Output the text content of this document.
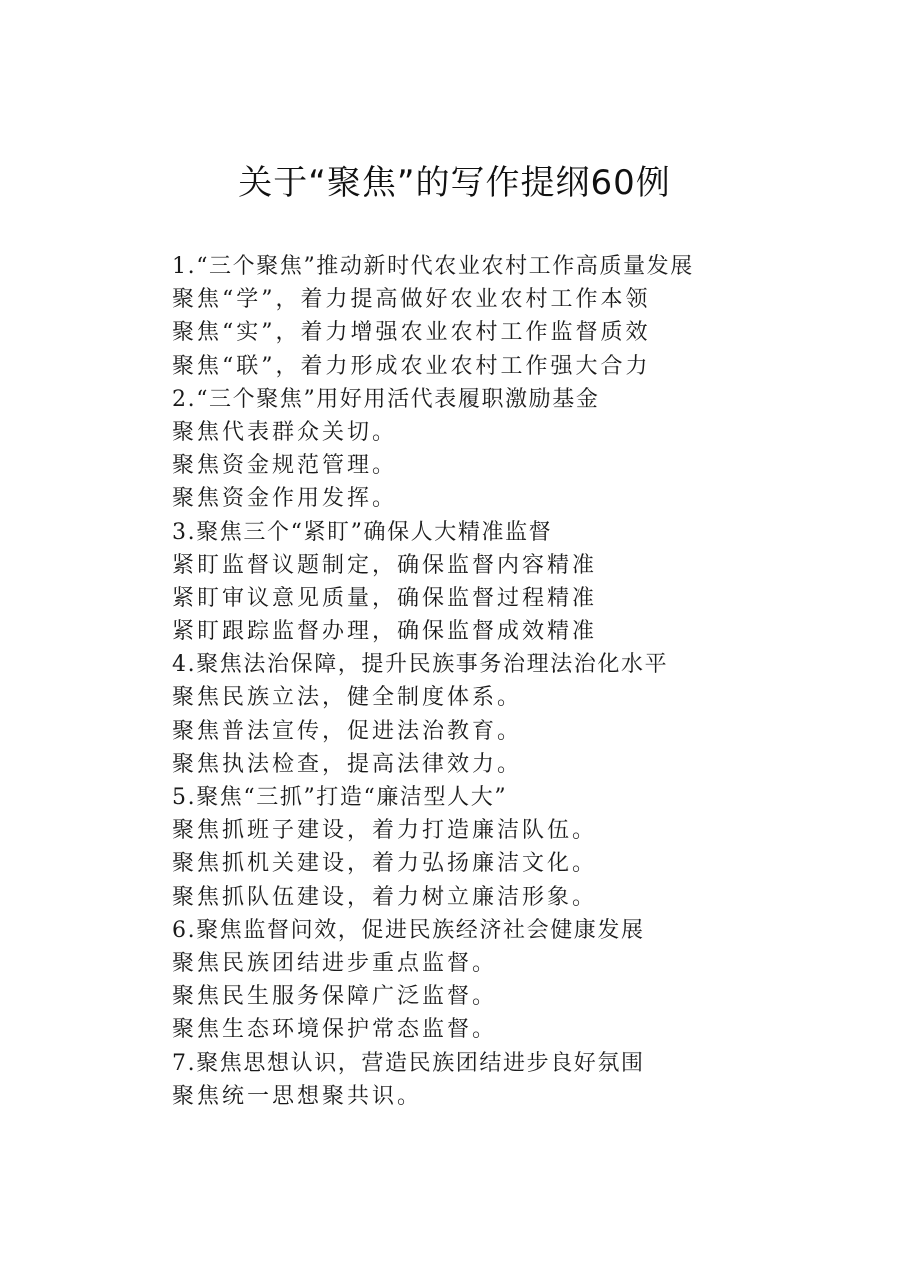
关于“聚焦”的写作提纲60例
1.“三个聚焦”推动新时代农业农村工作高质量发展
聚焦“学”，着力提高做好农业农村工作本领
聚焦“实”，着力增强农业农村工作监督质效
聚焦“联”，着力形成农业农村工作强大合力
2.“三个聚焦”用好用活代表履职激励基金
聚焦代表群众关切。
聚焦资金规范管理。
聚焦资金作用发挥。
3.聚焦三个“紧盯”确保人大精准监督
紧盯监督议题制定，确保监督内容精准
紧盯审议意见质量，确保监督过程精准
紧盯跟踪监督办理，确保监督成效精准
4.聚焦法治保障，提升民族事务治理法治化水平
聚焦民族立法，健全制度体系。
聚焦普法宣传，促进法治教育。
聚焦执法检查，提高法律效力。
5.聚焦“三抓”打造“廉洁型人大”
聚焦抓班子建设，着力打造廉洁队伍。
聚焦抓机关建设，着力弘扬廉洁文化。
聚焦抓队伍建设，着力树立廉洁形象。
6.聚焦监督问效，促进民族经济社会健康发展
聚焦民族团结进步重点监督。
聚焦民生服务保障广泛监督。
聚焦生态环境保护常态监督。
7.聚焦思想认识，营造民族团结进步良好氛围
聚焦统一思想聚共识。
